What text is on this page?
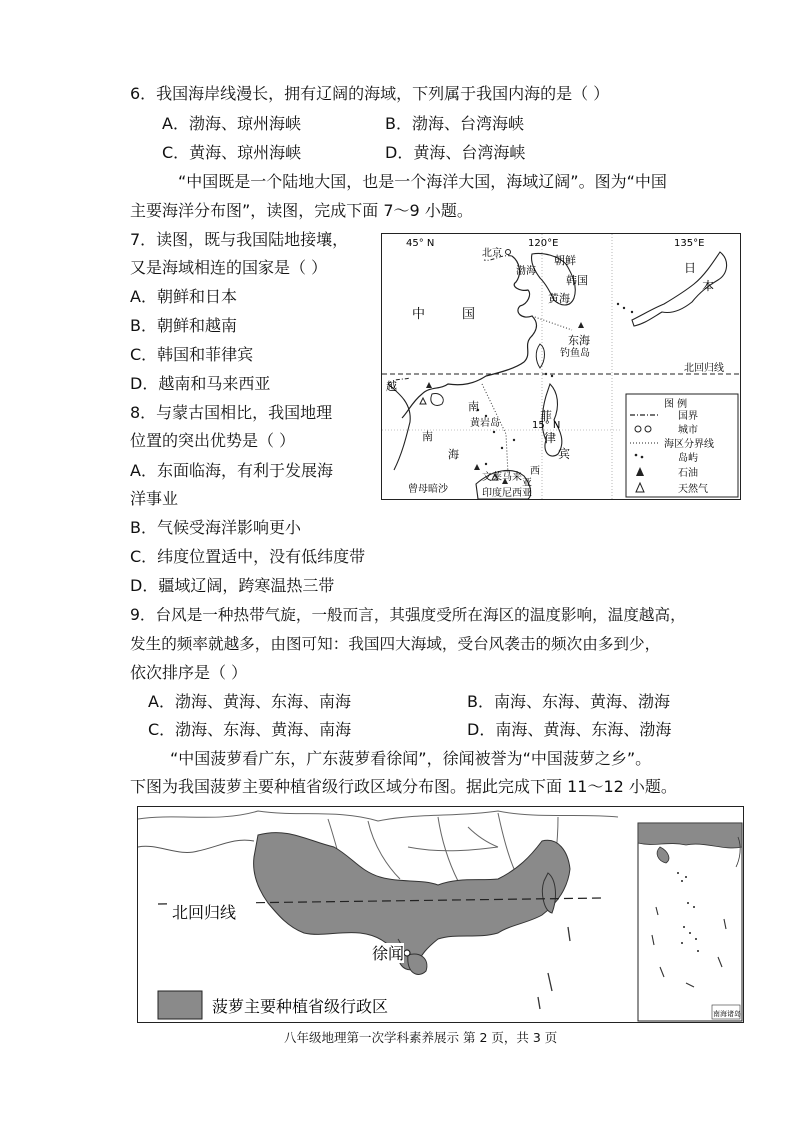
6．我国海岸线漫长，拥有辽阔的海域，下列属于我国内海的是（ ）
A．渤海、琼州海峡	B．渤海、台湾海峡
C．黄海、琼州海峡	D．黄海、台湾海峡
“中国既是一个陆地大国，也是一个海洋大国，海域辽阔”。图为“中国
主要海洋分布图”，读图，完成下面 7～9 小题。
7．读图，既与我国陆地接壤，
又是海域相连的国家是（ ）
A．朝鲜和日本
B．朝鲜和越南
C．韩国和菲律宾
D．越南和马来西亚
8．与蒙古国相比，我国地理
位置的突出优势是（ ）
A．东面临海，有利于发展海
洋事业
B．气候受海洋影响更小
C．纬度位置适中，没有低纬度带
D．疆域辽阔，跨寒温热三带
9．台风是一种热带气旋，一般而言，其强度受所在海区的温度影响，温度越高，
发生的频率就越多，由图可知：我国四大海域，受台风袭击的频次由多到少，
依次排序是（ ）
A．渤海、黄海、东海、南海	B．南海、东海、黄海、渤海
C．渤海、东海、黄海、南海	D．南海、黄海、东海、渤海
“中国菠萝看广东，广东菠萝看徐闻”，徐闻被誉为“中国菠萝之乡”。
下图为我国菠萝主要种植省级行政区域分布图。据此完成下面 11～12 小题。
45° N	120°E	135°E
北京
渤海
朝鲜
韩国
日
本
中	国
黄海
东海
钓鱼岛
北回归线
越
南
黄岩岛
菲
南	律
海	宾
15° N
文莱 马来
西
亚
曾母暗沙	印度尼西亚
图 例
国界
城市
海区分界线
岛屿
石油
天然气
北回归线
徐闻
菠萝主要种植省级行政区	南海诸岛
八年级地理第一次学科素养展示 第 2 页，共 3 页
